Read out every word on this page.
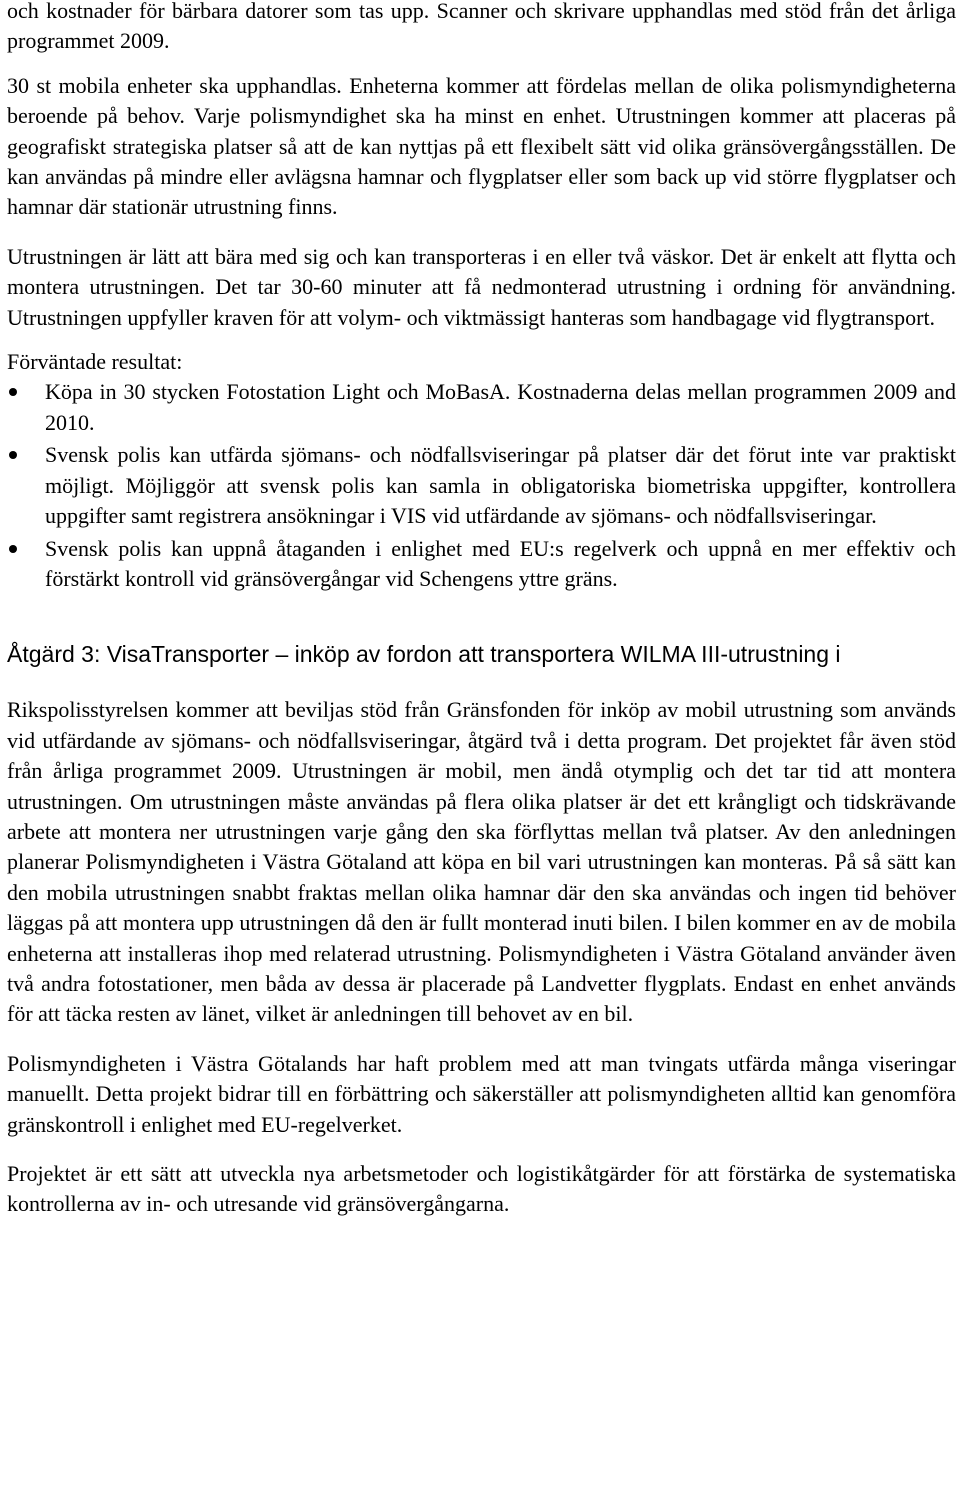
och kostnader för bärbara datorer som tas upp. Scanner och skrivare upphandlas med stöd från det årliga programmet 2009.

30 st mobila enheter ska upphandlas. Enheterna kommer att fördelas mellan de olika polismyndigheterna beroende på behov. Varje polismyndighet ska ha minst en enhet. Utrustningen kommer att placeras på geografiskt strategiska platser så att de kan nyttjas på ett flexibelt sätt vid olika gränsövergångsställen. De kan användas på mindre eller avlägsna hamnar och flygplatser eller som back up vid större flygplatser och hamnar där stationär utrustning finns.

Utrustningen är lätt att bära med sig och kan transporteras i en eller två väskor. Det är enkelt att flytta och montera utrustningen. Det tar 30-60 minuter att få nedmonterad utrustning i ordning för användning. Utrustningen uppfyller kraven för att volym- och viktmässigt hanteras som handbagage vid flygtransport.

Förväntade resultat:

Köpa in 30 stycken Fotostation Light och MoBasA. Kostnaderna delas mellan programmen 2009 and 2010.
Svensk polis kan utfärda sjömans- och nödfallsviseringar på platser där det förut inte var praktiskt möjligt. Möjliggör att svensk polis kan samla in obligatoriska biometriska uppgifter, kontrollera uppgifter samt registrera ansökningar i VIS vid utfärdande av sjömans- och nödfallsviseringar.
Svensk polis kan uppnå åtaganden i enlighet med EU:s regelverk och uppnå en mer effektiv och förstärkt kontroll vid gränsövergångar vid Schengens yttre gräns.
Åtgärd 3: VisaTransporter – inköp av fordon att transportera WILMA III-utrustning i

Rikspolisstyrelsen kommer att beviljas stöd från Gränsfonden för inköp av mobil utrustning som används vid utfärdande av sjömans- och nödfallsviseringar, åtgärd två i detta program. Det projektet får även stöd från årliga programmet 2009. Utrustningen är mobil, men ändå otymplig och det tar tid att montera utrustningen. Om utrustningen måste användas på flera olika platser är det ett krångligt och tidskrävande arbete att montera ner utrustningen varje gång den ska förflyttas mellan två platser. Av den anledningen planerar Polismyndigheten i Västra Götaland att köpa en bil vari utrustningen kan monteras. På så sätt kan den mobila utrustningen snabbt fraktas mellan olika hamnar där den ska användas och ingen tid behöver läggas på att montera upp utrustningen då den är fullt monterad inuti bilen. I bilen kommer en av de mobila enheterna att installeras ihop med relaterad utrustning. Polismyndigheten i Västra Götaland använder även två andra fotostationer, men båda av dessa är placerade på Landvetter flygplats. Endast en enhet används för att täcka resten av länet, vilket är anledningen till behovet av en bil.

Polismyndigheten i Västra Götalands har haft problem med att man tvingats utfärda många viseringar manuellt. Detta projekt bidrar till en förbättring och säkerställer att polismyndigheten alltid kan genomföra gränskontroll i enlighet med EU-regelverket.

Projektet är ett sätt att utveckla nya arbetsmetoder och logistikåtgärder för att förstärka de systematiska kontrollerna av in- och utresande vid gränsövergångarna.
